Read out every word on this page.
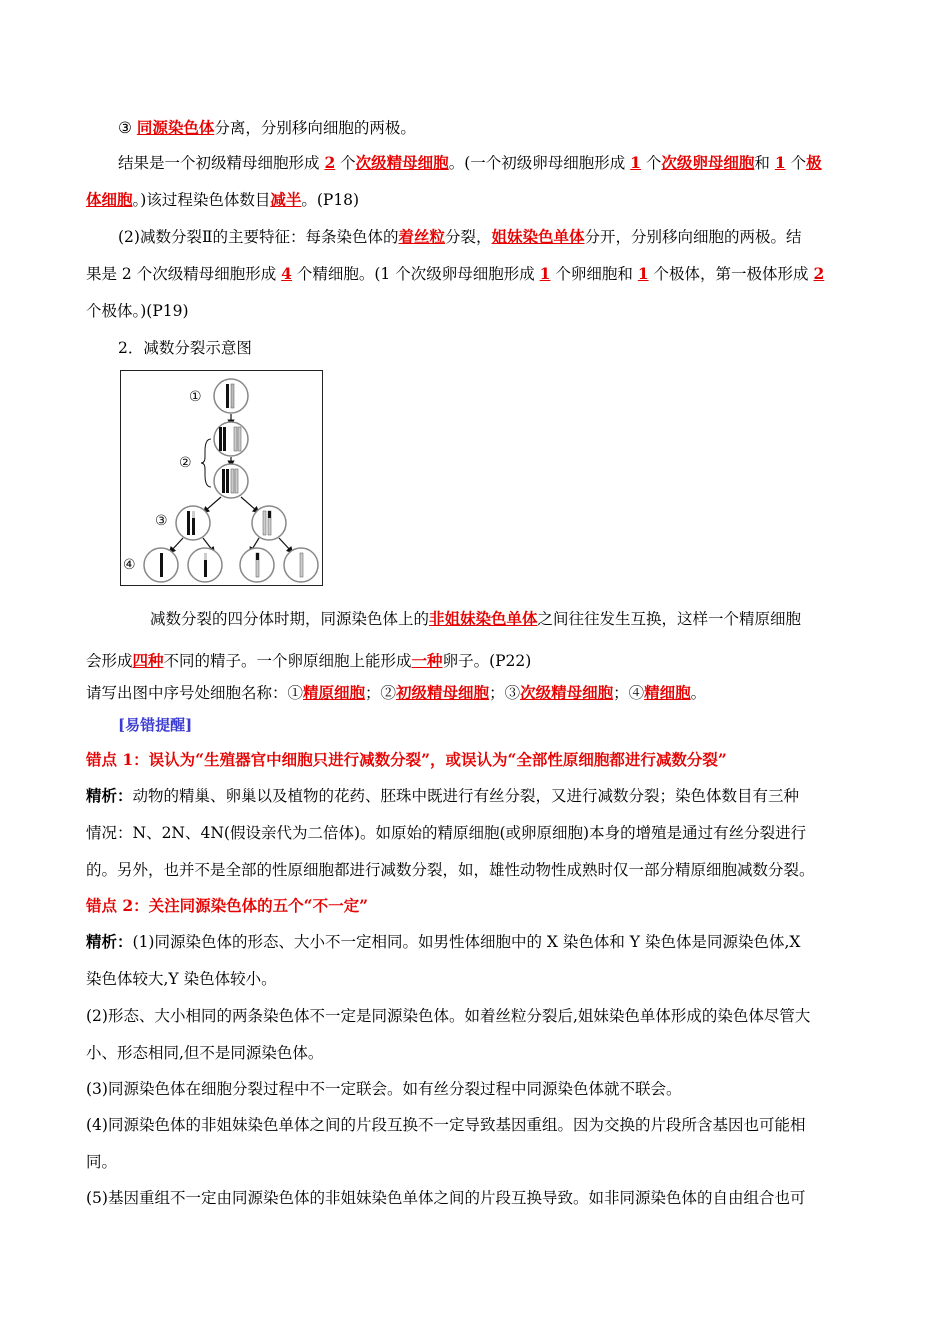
③ 同源染色体分离，分别移向细胞的两极。
结果是一个初级精母细胞形成 2 个次级精母细胞。(一个初级卵母细胞形成 1 个次级卵母细胞和 1 个极
体细胞。)该过程染色体数目减半。(P18)
(2)减数分裂Ⅱ的主要特征：每条染色体的着丝粒分裂，姐妹染色单体分开，分别移向细胞的两极。结
果是 2 个次级精母细胞形成 4 个精细胞。(1 个次级卵母细胞形成 1 个卵细胞和 1 个极体，第一极体形成 2
个极体。)(P19)
2．减数分裂示意图
①
②
③
④
减数分裂的四分体时期，同源染色体上的非姐妹染色单体之间往往发生互换，这样一个精原细胞
会形成四种不同的精子。一个卵原细胞上能形成一种卵子。(P22)
请写出图中序号处细胞名称：①精原细胞；②初级精母细胞；③次级精母细胞；④精细胞。
[易错提醒]
错点 1：误认为“生殖器官中细胞只进行减数分裂”，或误认为“全部性原细胞都进行减数分裂”
精析：动物的精巢、卵巢以及植物的花药、胚珠中既进行有丝分裂，又进行减数分裂；染色体数目有三种
情况：N、2N、4N(假设亲代为二倍体)。如原始的精原细胞(或卵原细胞)本身的增殖是通过有丝分裂进行
的。另外，也并不是全部的性原细胞都进行减数分裂，如，雄性动物性成熟时仅一部分精原细胞减数分裂。
错点 2：关注同源染色体的五个“不一定”
精析：(1)同源染色体的形态、大小不一定相同。如男性体细胞中的 X 染色体和 Y 染色体是同源染色体,X
染色体较大,Y 染色体较小。
(2)形态、大小相同的两条染色体不一定是同源染色体。如着丝粒分裂后,姐妹染色单体形成的染色体尽管大
小、形态相同,但不是同源染色体。
(3)同源染色体在细胞分裂过程中不一定联会。如有丝分裂过程中同源染色体就不联会。
(4)同源染色体的非姐妹染色单体之间的片段互换不一定导致基因重组。因为交换的片段所含基因也可能相
同。
(5)基因重组不一定由同源染色体的非姐妹染色单体之间的片段互换导致。如非同源染色体的自由组合也可
